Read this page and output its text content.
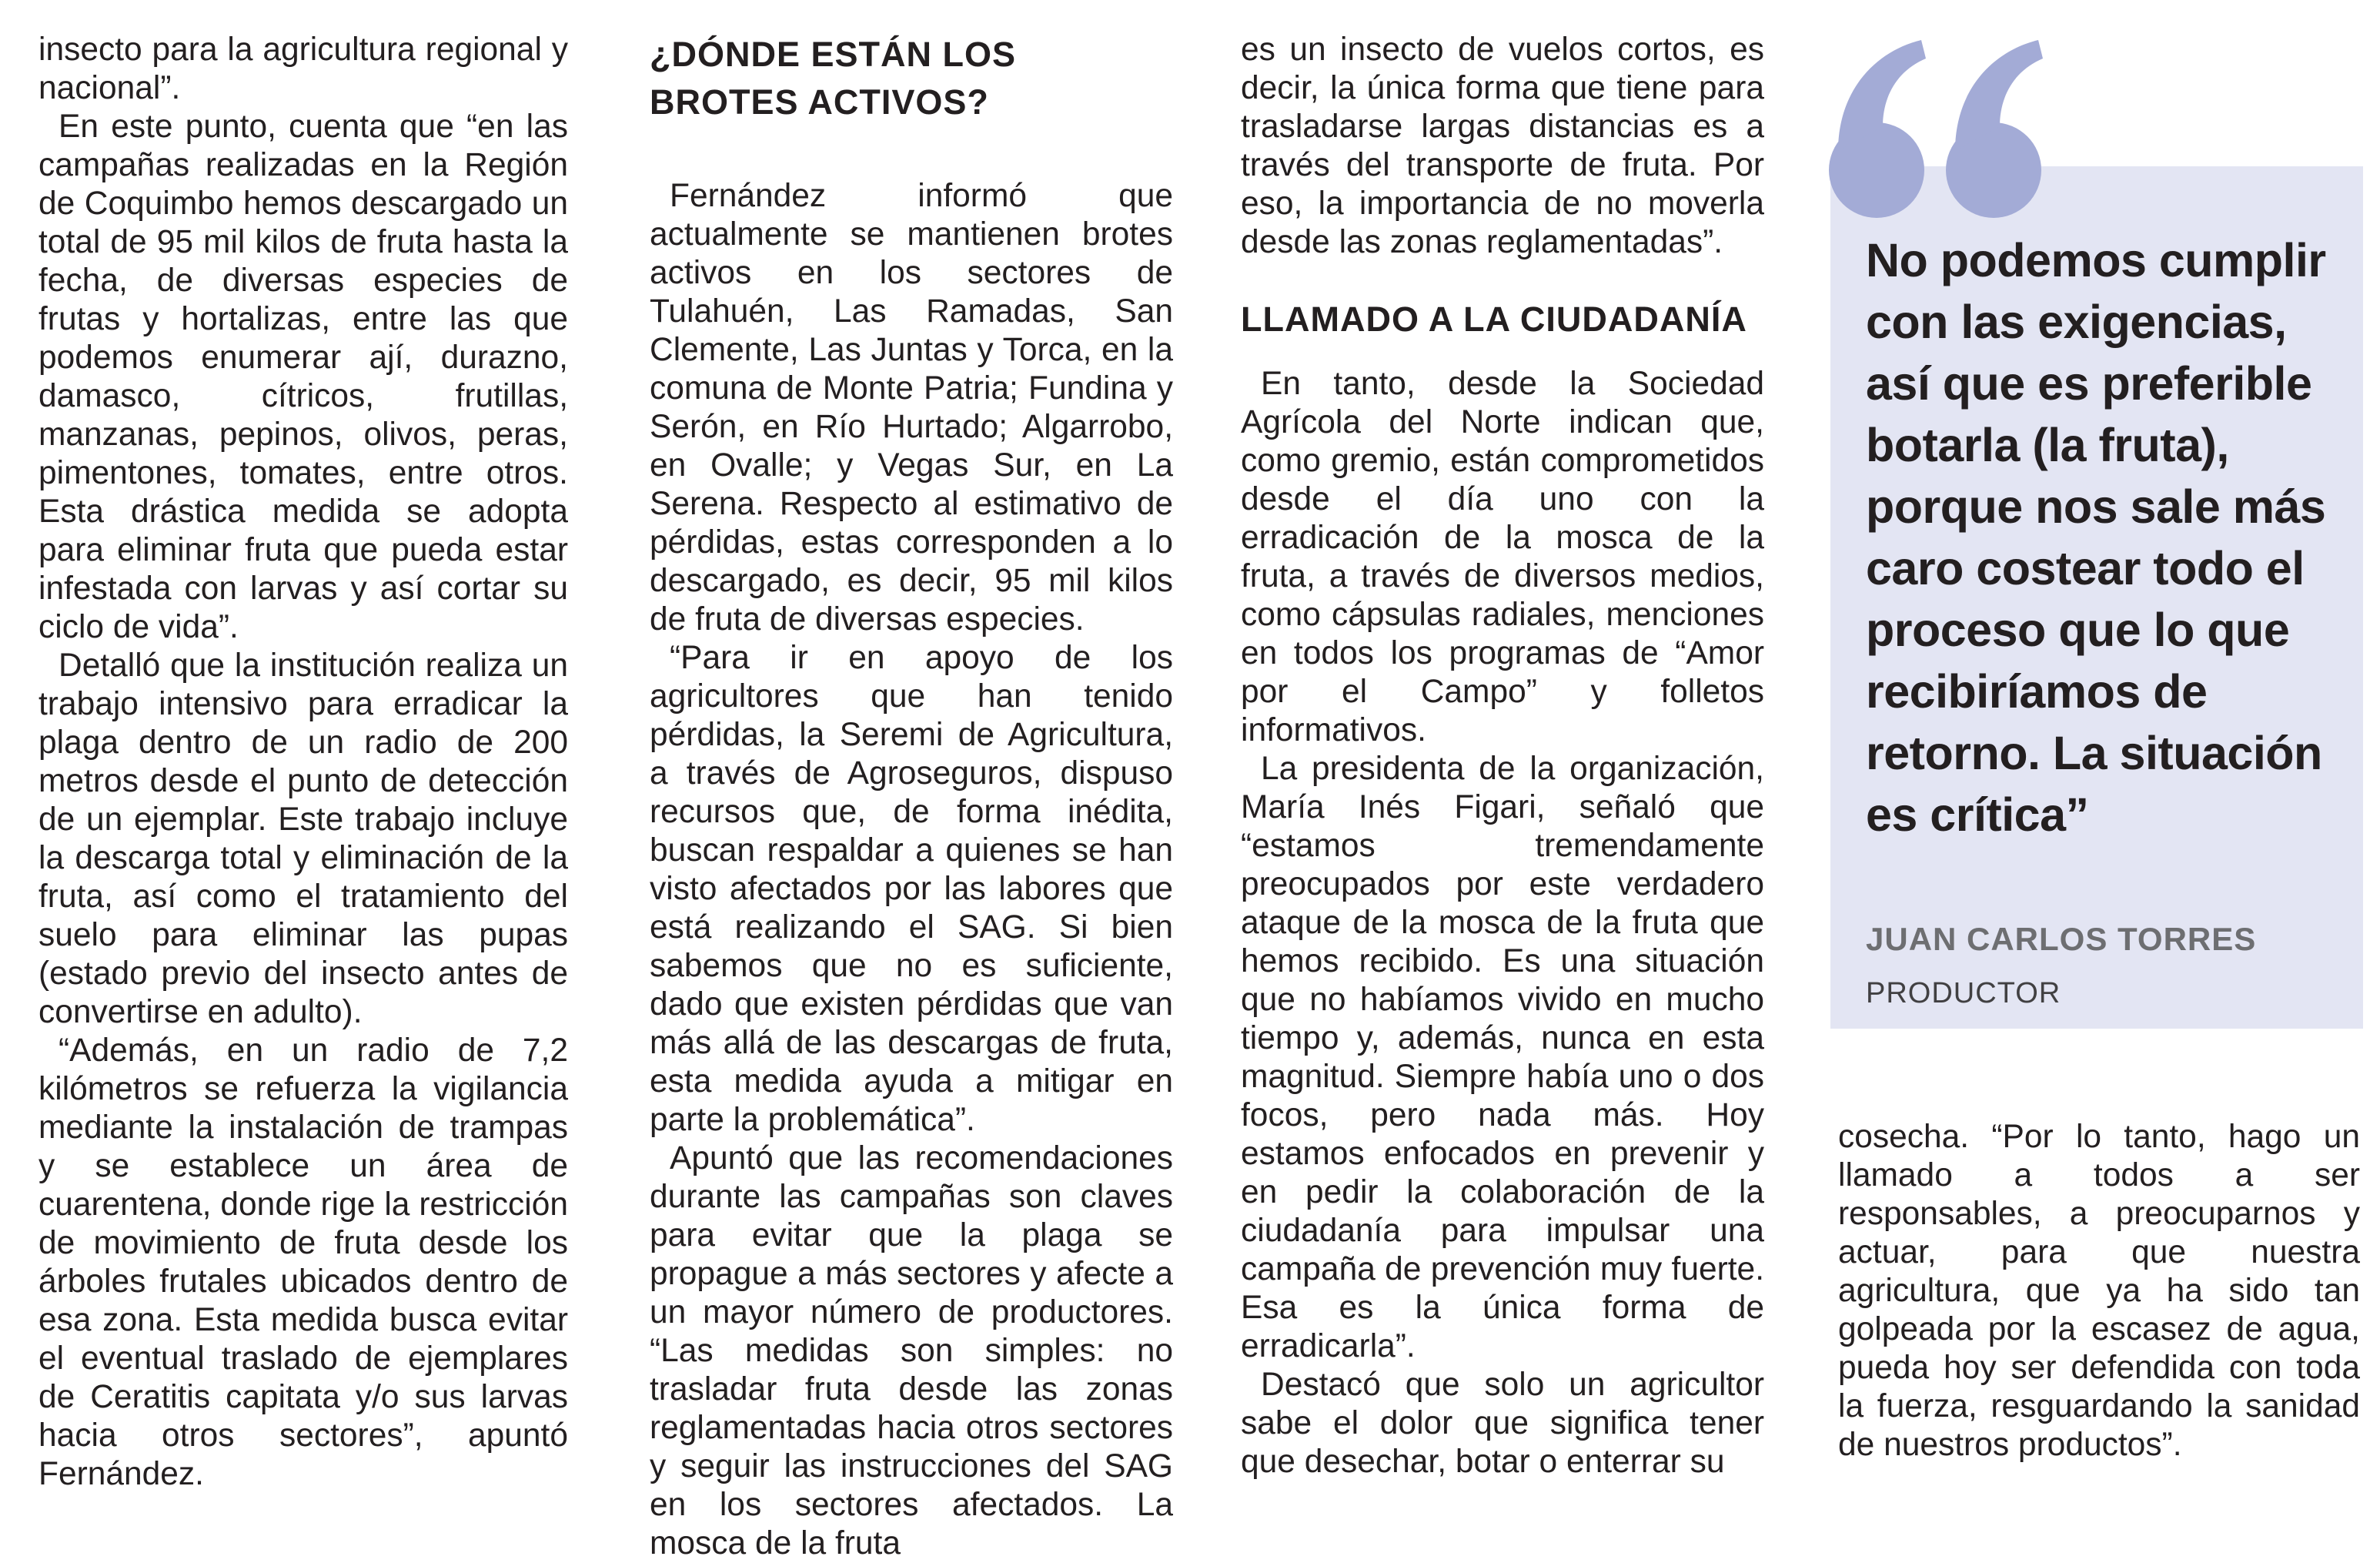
insecto para la agricultura regional y nacional”.

En este punto, cuenta que “en las campañas realizadas en la Región de Coquimbo hemos descargado un total de 95 mil kilos de fruta hasta la fecha, de diversas especies de frutas y hortalizas, entre las que podemos enumerar ají, durazno, damasco, cítricos, frutillas, manzanas, pepinos, olivos, peras, pimentones, tomates, entre otros. Esta drástica medida se adopta para eliminar fruta que pueda estar infestada con larvas y así cortar su ciclo de vida”.

Detalló que la institución realiza un trabajo intensivo para erradicar la plaga dentro de un radio de 200 metros desde el punto de detección de un ejemplar. Este trabajo incluye la descarga total y eliminación de la fruta, así como el tratamiento del suelo para eliminar las pupas (estado previo del insecto antes de convertirse en adulto).

“Además, en un radio de 7,2 kilómetros se refuerza la vigilancia mediante la instalación de trampas y se establece un área de cuarentena, donde rige la restricción de movimiento de fruta desde los árboles frutales ubicados dentro de esa zona. Esta medida busca evitar el eventual traslado de ejemplares de Ceratitis capitata y/o sus larvas hacia otros sectores”, apuntó Fernández.

¿DÓNDE ESTÁN LOS BROTES ACTIVOS?

Fernández informó que actualmente se mantienen brotes activos en los sectores de Tulahuén, Las Ramadas, San Clemente, Las Juntas y Torca, en la comuna de Monte Patria; Fundina y Serón, en Río Hurtado; Algarrobo, en Ovalle; y Vegas Sur, en La Serena. Respecto al estimativo de pérdidas, estas corresponden a lo descargado, es decir, 95 mil kilos de fruta de diversas especies.

“Para ir en apoyo de los agricultores que han tenido pérdidas, la Seremi de Agricultura, a través de Agroseguros, dispuso recursos que, de forma inédita, buscan respaldar a quienes se han visto afectados por las labores que está realizando el SAG. Si bien sabemos que no es suficiente, dado que existen pérdidas que van más allá de las descargas de fruta, esta medida ayuda a mitigar en parte la problemática”.

Apuntó que las recomendaciones durante las campañas son claves para evitar que la plaga se propague a más sectores y afecte a un mayor número de productores. “Las medidas son simples: no trasladar fruta desde las zonas reglamentadas hacia otros sectores y seguir las instrucciones del SAG en los sectores afectados. La mosca de la fruta

es un insecto de vuelos cortos, es decir, la única forma que tiene para trasladarse largas distancias es a través del transporte de fruta. Por eso, la importancia de no moverla desde las zonas reglamentadas”.

LLAMADO A LA CIUDADANÍA

En tanto, desde la Sociedad Agrícola del Norte indican que, como gremio, están comprometidos desde el día uno con la erradicación de la mosca de la fruta, a través de diversos medios, como cápsulas radiales, menciones en todos los programas de “Amor por el Campo” y folletos informativos.

La presidenta de la organización, María Inés Figari, señaló que “estamos tremendamente preocupados por este verdadero ataque de la mosca de la fruta que hemos recibido. Es una situación que no habíamos vivido en mucho tiempo y, además, nunca en esta magnitud. Siempre había uno o dos focos, pero nada más. Hoy estamos enfocados en prevenir y en pedir la colaboración de la ciudadanía para impulsar una campaña de prevención muy fuerte. Esa es la única forma de erradicarla”.

Destacó que solo un agricultor sabe el dolor que significa tener que desechar, botar o enterrar su

No podemos cumplir con las exigencias, así que es preferible botarla (la fruta), porque nos sale más caro costear todo el proceso que lo que recibiríamos de retorno. La situación es crítica”
JUAN CARLOS TORRES
PRODUCTOR

cosecha. “Por lo tanto, hago un llamado a todos a ser responsables, a preocuparnos y actuar, para que nuestra agricultura, que ya ha sido tan golpeada por la escasez de agua, pueda hoy ser defendida con toda la fuerza, resguardando la sanidad de nuestros productos”.
